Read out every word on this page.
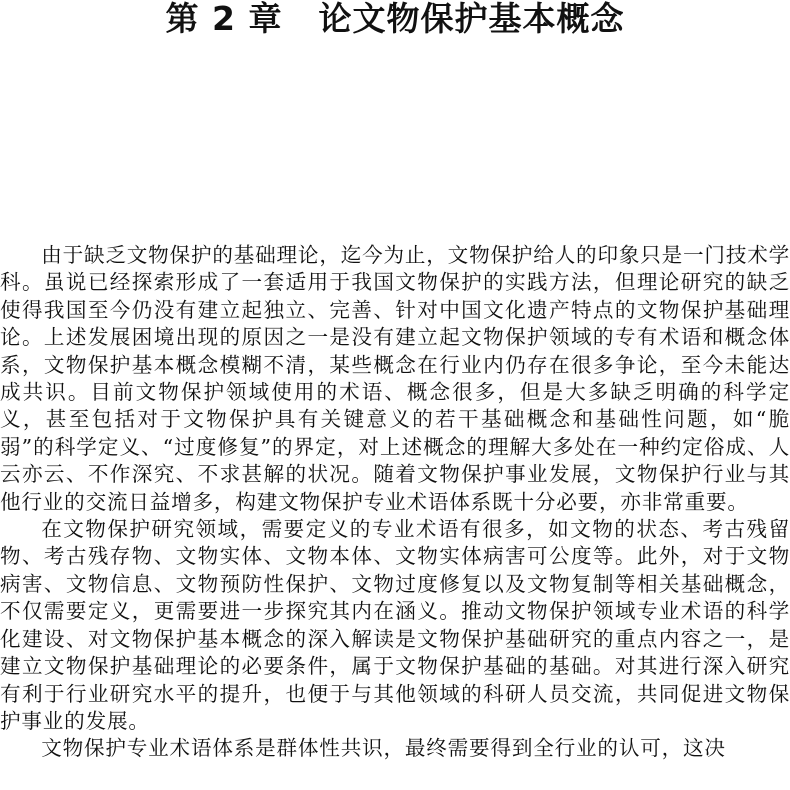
第 2 章 论文物保护基本概念

由于缺乏文物保护的基础理论，迄今为止，文物保护给人的印象只是一门技术学科。虽说已经探索形成了一套适用于我国文物保护的实践方法，但理论研究的缺乏使得我国至今仍没有建立起独立、完善、针对中国文化遗产特点的文物保护基础理论。上述发展困境出现的原因之一是没有建立起文物保护领域的专有术语和概念体系，文物保护基本概念模糊不清，某些概念在行业内仍存在很多争论，至今未能达成共识。目前文物保护领域使用的术语、概念很多，但是大多缺乏明确的科学定义，甚至包括对于文物保护具有关键意义的若干基础概念和基础性问题，如“脆弱”的科学定义、“过度修复”的界定，对上述概念的理解大多处在一种约定俗成、人云亦云、不作深究、不求甚解的状况。随着文物保护事业发展，文物保护行业与其他行业的交流日益增多，构建文物保护专业术语体系既十分必要，亦非常重要。

在文物保护研究领域，需要定义的专业术语有很多，如文物的状态、考古残留物、考古残存物、文物实体、文物本体、文物实体病害可公度等。此外，对于文物病害、文物信息、文物预防性保护、文物过度修复以及文物复制等相关基础概念，不仅需要定义，更需要进一步探究其内在涵义。推动文物保护领域专业术语的科学化建设、对文物保护基本概念的深入解读是文物保护基础研究的重点内容之一，是建立文物保护基础理论的必要条件，属于文物保护基础的基础。对其进行深入研究有利于行业研究水平的提升，也便于与其他领域的科研人员交流，共同促进文物保护事业的发展。

文物保护专业术语体系是群体性共识，最终需要得到全行业的认可，这决
